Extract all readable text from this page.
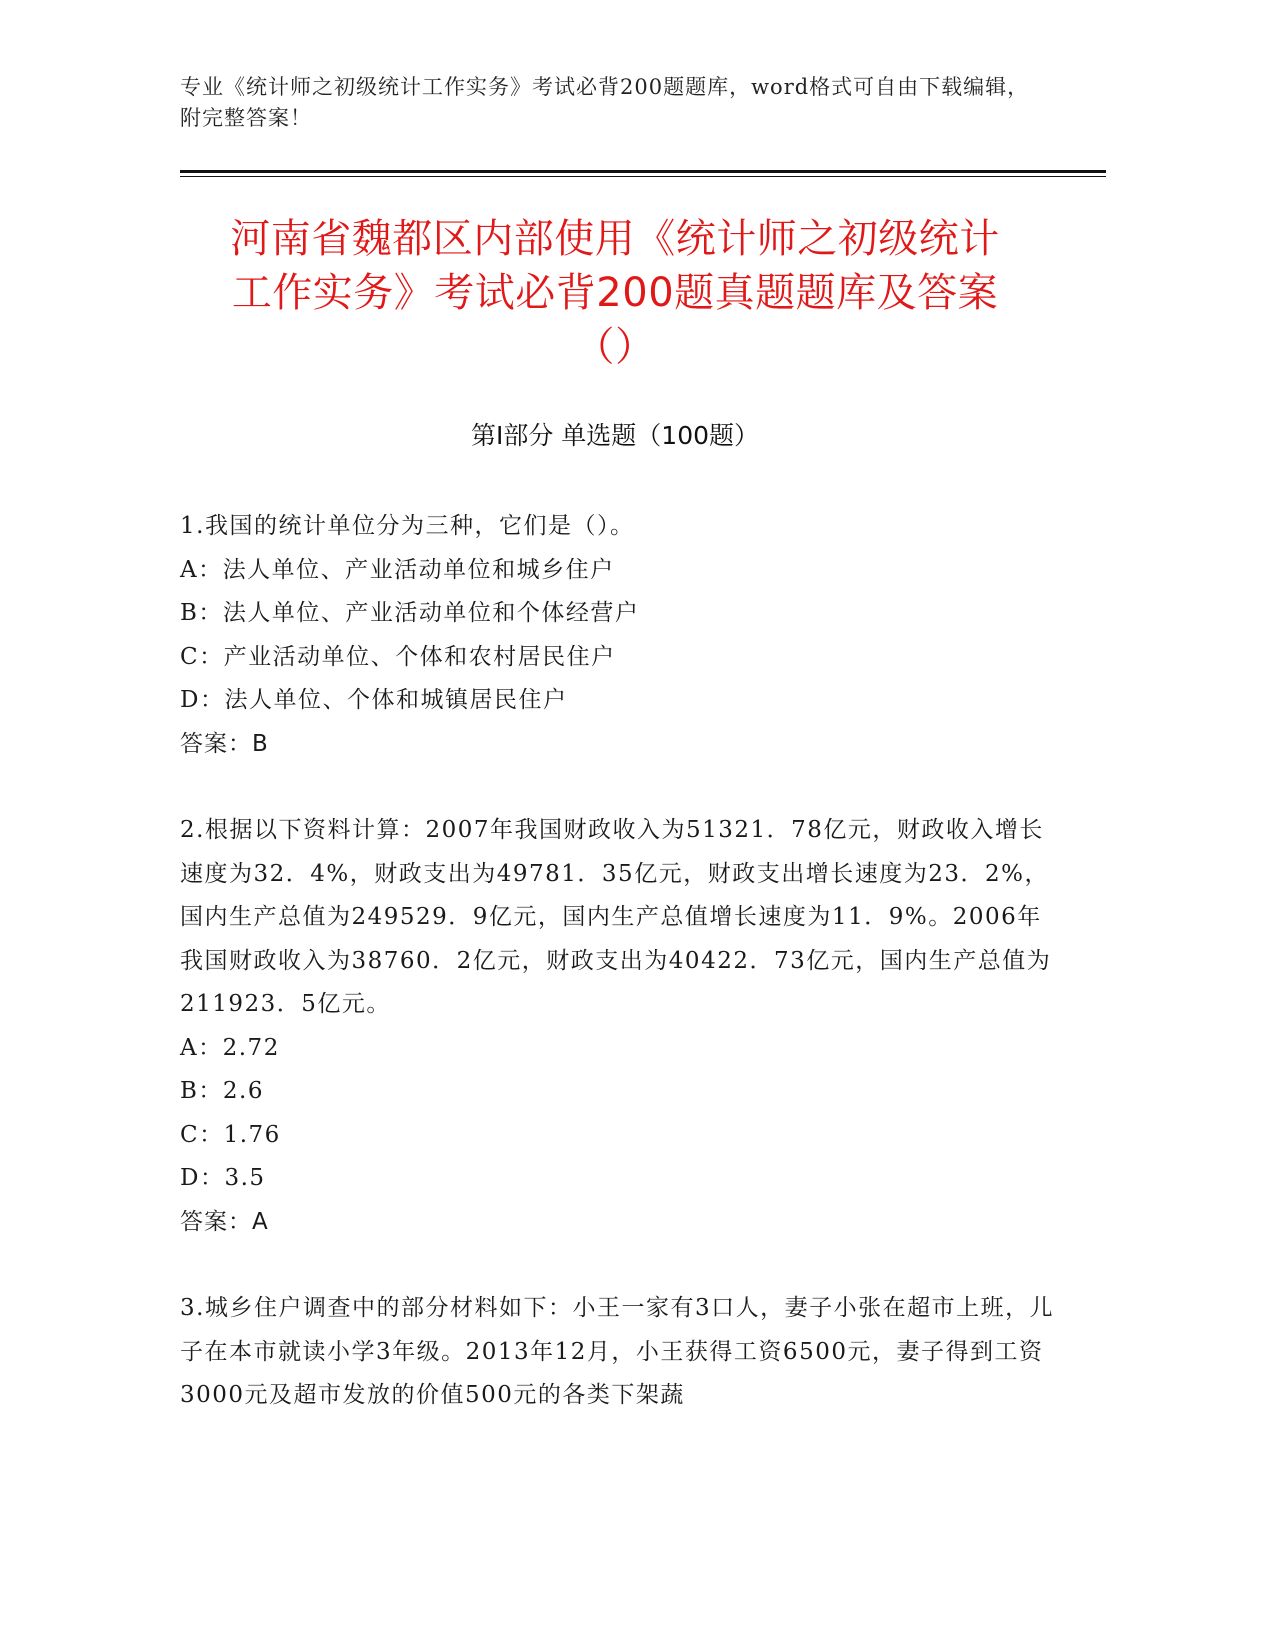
专业《统计师之初级统计工作实务》考试必背200题题库，word格式可自由下载编辑，附完整答案！
河南省魏都区内部使用《统计师之初级统计
工作实务》考试必背200题真题题库及答案
（）
第Ⅰ部分 单选题（100题）

1.我国的统计单位分为三种，它们是（）。

A：法人单位、产业活动单位和城乡住户

B：法人单位、产业活动单位和个体经营户

C：产业活动单位、个体和农村居民住户

D：法人单位、个体和城镇居民住户

答案：B

2.根据以下资料计算：2007年我国财政收入为51321．78亿元，财政收入增长速度为32．4%，财政支出为49781．35亿元，财政支出增长速度为23．2%，国内生产总值为249529．9亿元，国内生产总值增长速度为11．9%。2006年我国财政收入为38760．2亿元，财政支出为40422．73亿元，国内生产总值为211923．5亿元。

A：2.72

B：2.6

C：1.76

D：3.5

答案：A

3.城乡住户调查中的部分材料如下：小王一家有3口人，妻子小张在超市上班，儿子在本市就读小学3年级。2013年12月，小王获得工资6500元，妻子得到工资3000元及超市发放的价值500元的各类下架蔬
